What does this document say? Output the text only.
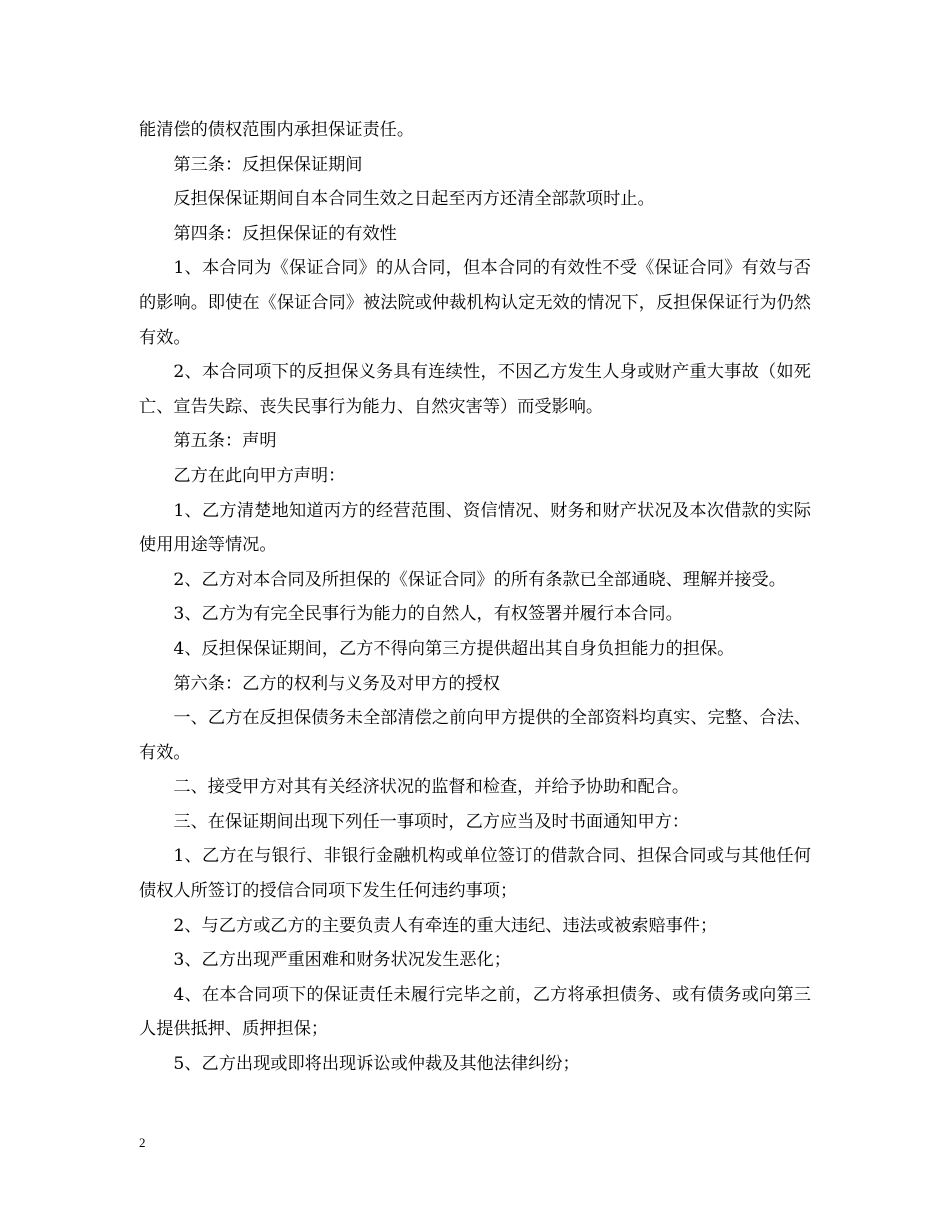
能清偿的债权范围内承担保证责任。

第三条：反担保保证期间

反担保保证期间自本合同生效之日起至丙方还清全部款项时止。

第四条：反担保保证的有效性

1、本合同为《保证合同》的从合同，但本合同的有效性不受《保证合同》有效与否的影响。即使在《保证合同》被法院或仲裁机构认定无效的情况下，反担保保证行为仍然有效。

2、本合同项下的反担保义务具有连续性，不因乙方发生人身或财产重大事故（如死亡、宣告失踪、丧失民事行为能力、自然灾害等）而受影响。

第五条：声明

乙方在此向甲方声明：

1、乙方清楚地知道丙方的经营范围、资信情况、财务和财产状况及本次借款的实际使用用途等情况。

2、乙方对本合同及所担保的《保证合同》的所有条款已全部通晓、理解并接受。

3、乙方为有完全民事行为能力的自然人，有权签署并履行本合同。

4、反担保保证期间，乙方不得向第三方提供超出其自身负担能力的担保。

第六条：乙方的权利与义务及对甲方的授权

一、乙方在反担保债务未全部清偿之前向甲方提供的全部资料均真实、完整、合法、有效。

二、接受甲方对其有关经济状况的监督和检查，并给予协助和配合。

三、在保证期间出现下列任一事项时，乙方应当及时书面通知甲方：

1、乙方在与银行、非银行金融机构或单位签订的借款合同、担保合同或与其他任何债权人所签订的授信合同项下发生任何违约事项；

2、与乙方或乙方的主要负责人有牵连的重大违纪、违法或被索赔事件；

3、乙方出现严重困难和财务状况发生恶化；

4、在本合同项下的保证责任未履行完毕之前，乙方将承担债务、或有债务或向第三人提供抵押、质押担保；

5、乙方出现或即将出现诉讼或仲裁及其他法律纠纷；

2
